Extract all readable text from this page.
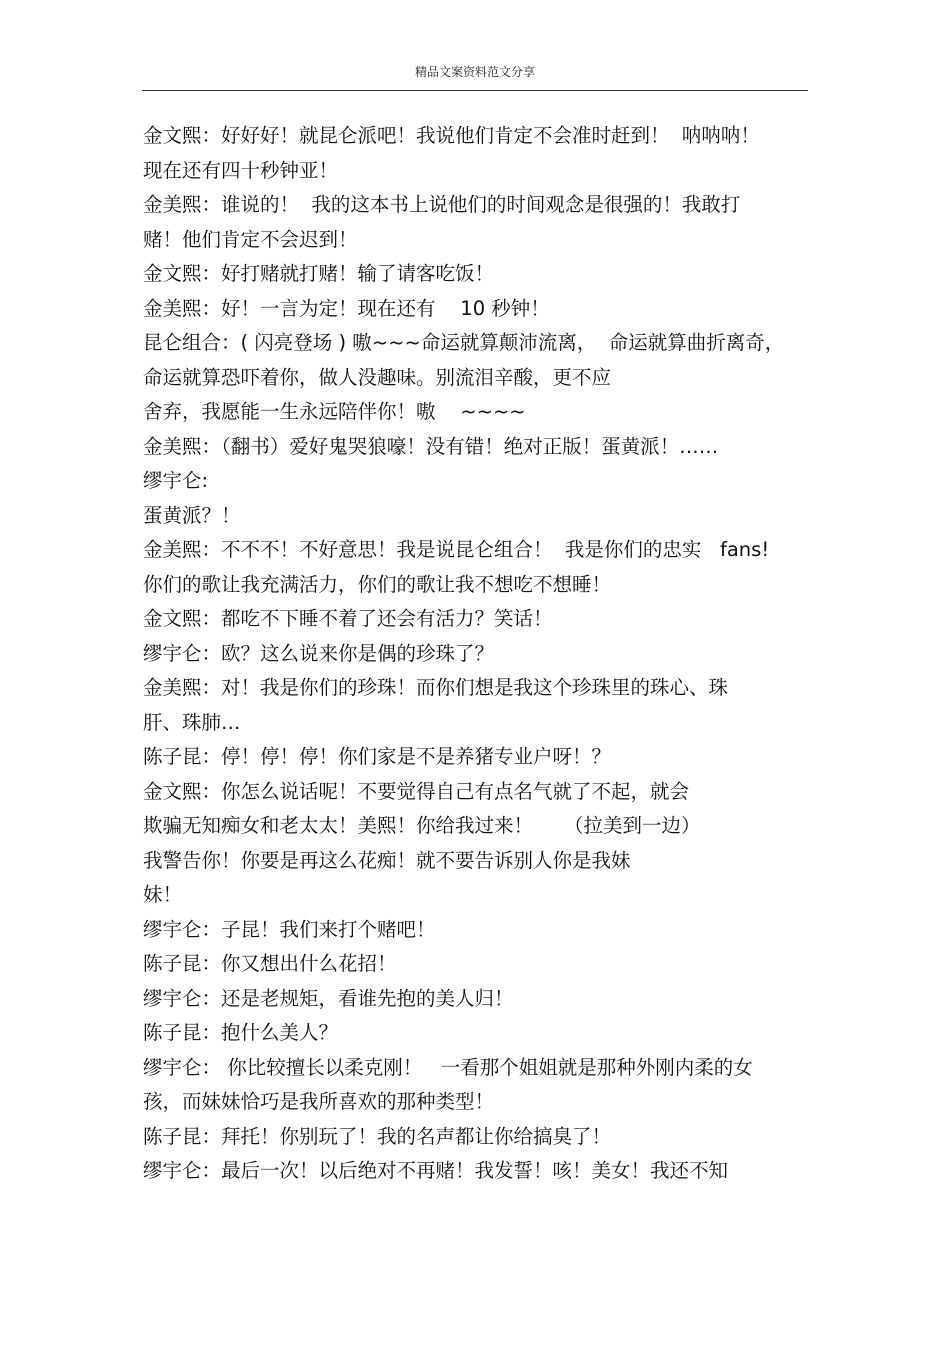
精品文案资料范文分享
金文熙：好好好！就昆仑派吧！我说他们肯定不会准时赶到！  呐呐呐！
现在还有四十秒钟亚！
金美熙：谁说的！  我的这本书上说他们的时间观念是很强的！我敢打
赌！他们肯定不会迟到！
金文熙：好打赌就打赌！输了请客吃饭！
金美熙：好！一言为定！现在还有    10 秒钟！
昆仑组合：( 闪亮登场 ) 嗷~~~命运就算颠沛流离，  命运就算曲折离奇，
命运就算恐吓着你，做人没趣味。别流泪辛酸，更不应
舍弃，我愿能一生永远陪伴你！嗷    ~~~~
金美熙：（翻书）爱好鬼哭狼嚎！没有错！绝对正版！蛋黄派！……
缪宇仑:
蛋黄派？！
金美熙：不不不！不好意思！我是说昆仑组合！  我是你们的忠实   fans!
你们的歌让我充满活力，你们的歌让我不想吃不想睡！
金文熙：都吃不下睡不着了还会有活力？笑话！
缪宇仑：欧？这么说来你是偶的珍珠了？
金美熙：对！我是你们的珍珠！而你们想是我这个珍珠里的珠心、珠
肝、珠肺…
陈子昆：停！停！停！你们家是不是养猪专业户呀！？
金文熙：你怎么说话呢！不要觉得自己有点名气就了不起，就会
欺骗无知痴女和老太太！美熙！你给我过来！     （拉美到一边）
我警告你！你要是再这么花痴！就不要告诉别人你是我妹
妹！
缪宇仑：子昆！我们来打个赌吧！
陈子昆：你又想出什么花招！
缪宇仑：还是老规矩，看谁先抱的美人归！
陈子昆：抱什么美人？
缪宇仑： 你比较擅长以柔克刚！   一看那个姐姐就是那种外刚内柔的女
孩，而妹妹恰巧是我所喜欢的那种类型！
陈子昆：拜托！你别玩了！我的名声都让你给搞臭了！
缪宇仑：最后一次！以后绝对不再赌！我发誓！咳！美女！我还不知
